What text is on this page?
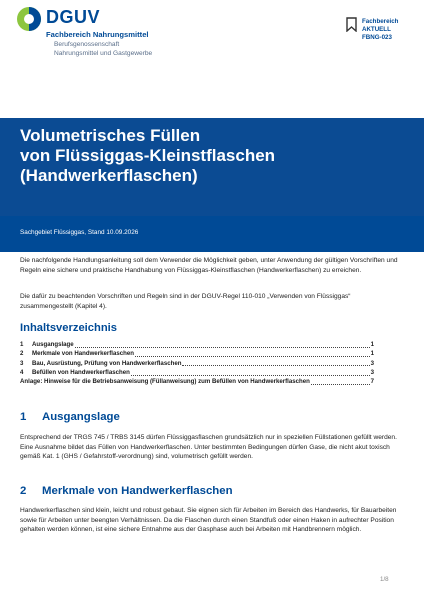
DGUV
Fachbereich Nahrungsmittel
Berufsgenossenschaft
Nahrungsmittel und Gastgewerbe
Fachbereich
AKTUELL
FBNG-023
Volumetrisches Füllen
von Flüssiggas-Kleinstflaschen
(Handwerkerflaschen)
Sachgebiet Flüssiggas, Stand 10.09.2026
Die nachfolgende Handlungsanleitung soll dem Verwender die Möglichkeit geben, unter Anwendung der gültigen Vorschriften und Regeln eine sichere und praktische Handhabung von Flüssiggas-Kleinstflaschen (Handwerkerflaschen) zu erreichen.
Die dafür zu beachtenden Vorschriften und Regeln sind in der DGUV-Regel 110-010 „Verwenden von Flüssiggas“ zusammengestellt (Kapitel 4).
Inhaltsverzeichnis
1	Ausgangslage	1
2	Merkmale von Handwerkerflaschen	1
3	Bau, Ausrüstung, Prüfung von Handwerkerflaschen	3
4	Befüllen von Handwerkerflaschen	3
Anlage: Hinweise für die Betriebsanweisung (Füllanweisung) zum Befüllen von Handwerkerflaschen	7
1 Ausgangslage
Entsprechend der TRGS 745 / TRBS 3145 dürfen Flüssiggasflaschen grundsätzlich nur in speziellen Füllstationen gefüllt werden. Eine Ausnahme bildet das Füllen von Handwerkerflaschen. Unter bestimmten Bedingungen dürfen Gase, die nicht akut toxisch gemäß Kat. 1 (GHS / Gefahrstoff-verordnung) sind, volumetrisch gefüllt werden.
2 Merkmale von Handwerkerflaschen
Handwerkerflaschen sind klein, leicht und robust gebaut. Sie eignen sich für Arbeiten im Bereich des Handwerks, für Bauarbeiten sowie für Arbeiten unter beengten Verhältnissen. Da die Flaschen durch einen Standfuß oder einen Haken in aufrechter Position gehalten werden können, ist eine sichere Entnahme aus der Gasphase auch bei Arbeiten mit Handbrennern möglich.
1/8
